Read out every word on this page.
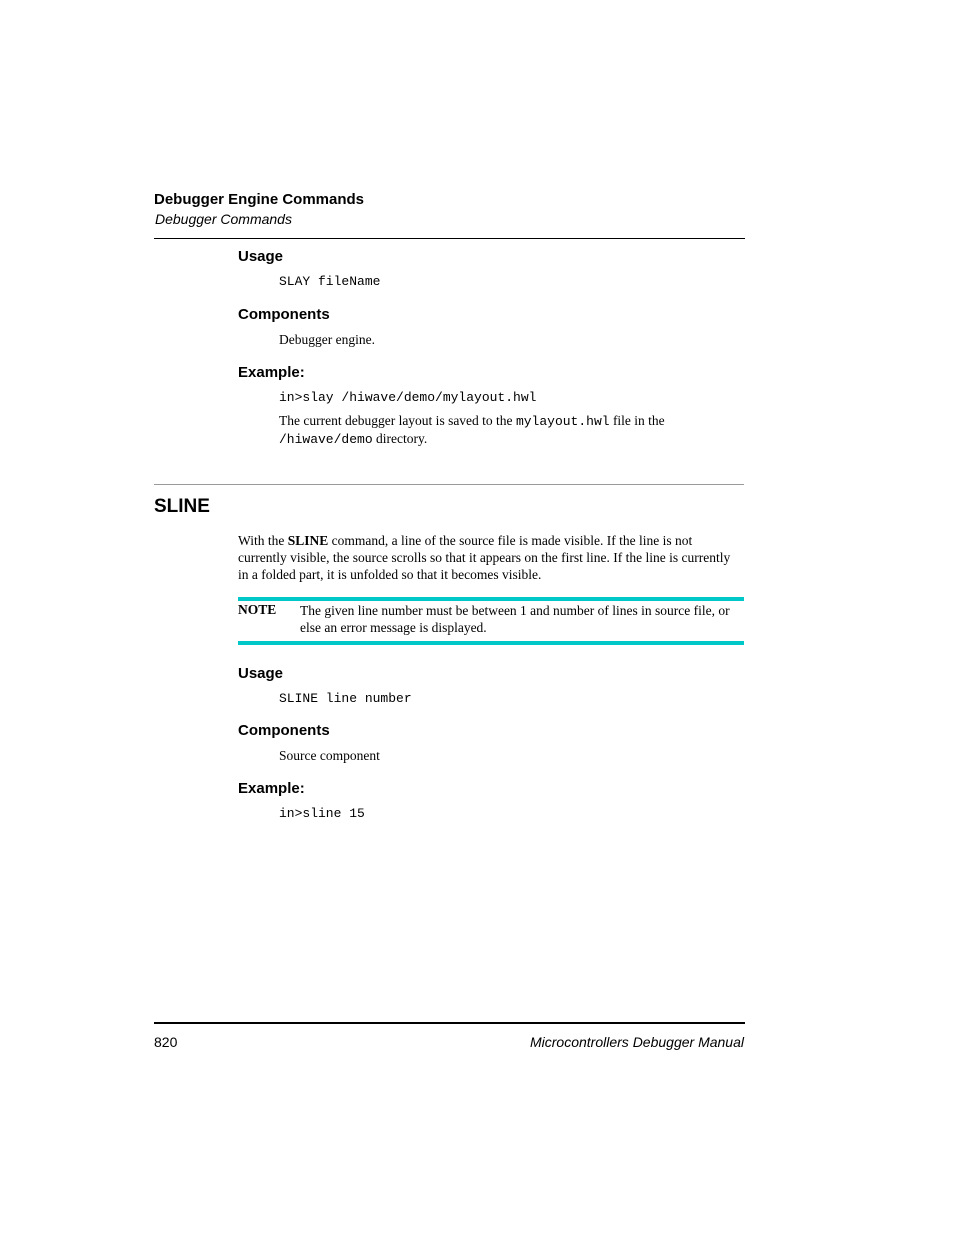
Debugger Engine Commands
Debugger Commands
Usage
SLAY fileName
Components
Debugger engine.
Example:
in>slay /hiwave/demo/mylayout.hwl
The current debugger layout is saved to the mylayout.hwl file in the
/hiwave/demo directory.
SLINE
With the SLINE command, a line of the source file is made visible. If the line is not currently visible, the source scrolls so that it appears on the first line. If the line is currently in a folded part, it is unfolded so that it becomes visible.
NOTE The given line number must be between 1 and number of lines in source file, or else an error message is displayed.
Usage
SLINE line number
Components
Source component
Example:
in>sline 15
820	Microcontrollers Debugger Manual
